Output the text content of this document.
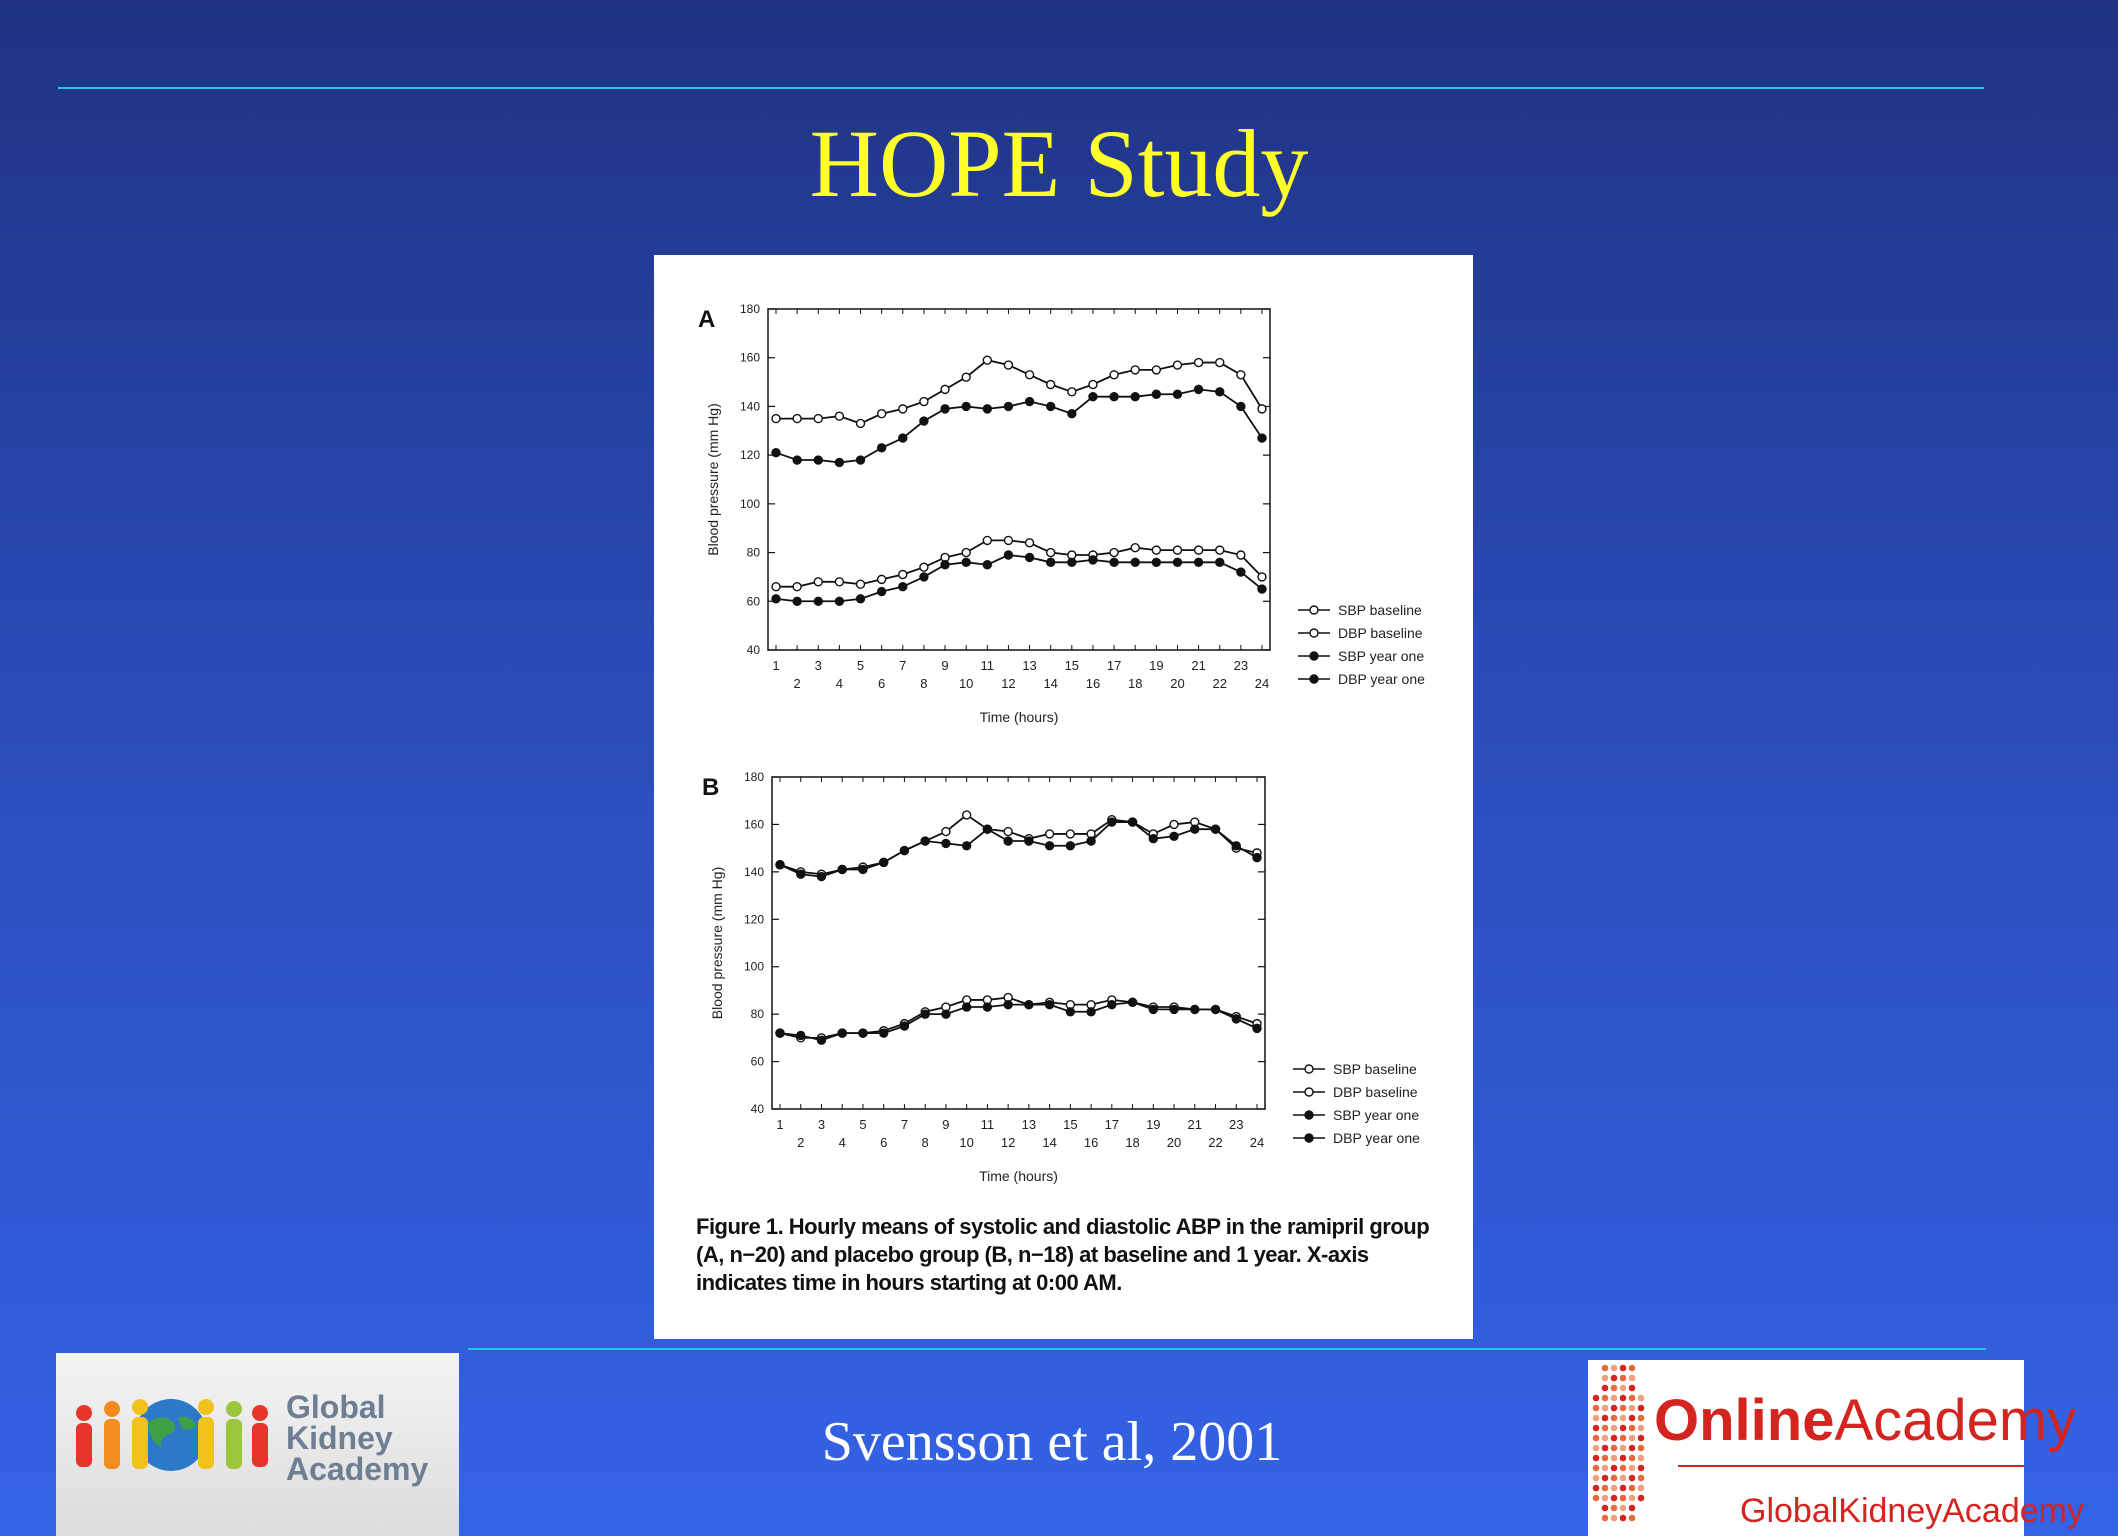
HOPE Study
A
40
60
80
100
120
140
160
180
1	3	5	7	9 11 13 15 17 19 21 23
2	4	6	8 10 12 14 16 18 20 22 24
Time (hours)
Blood pressure (mm Hg)
SBP baseline
DBP baseline
SBP year one
DBP year one
B
40
60
80
100
120
140
160
180
1	3	5	7	9 11 13 15 17 19 21 23
2	4	6	8 10 12 14 16 18 20 22 24
Time (hours)
Blood pressure (mm Hg)
SBP baseline
DBP baseline
SBP year one
DBP year one
Figure 1. Hourly means of systolic and diastolic ABP in the ramipril group (A, n−20) and placebo group (B, n−18) at baseline and 1 year. X-axis indicates time in hours starting at 0:00 AM.
Global
Kidney
Academy	Svensson et al, 2001	OnlineAcademy
GlobalKidneyAcademy
